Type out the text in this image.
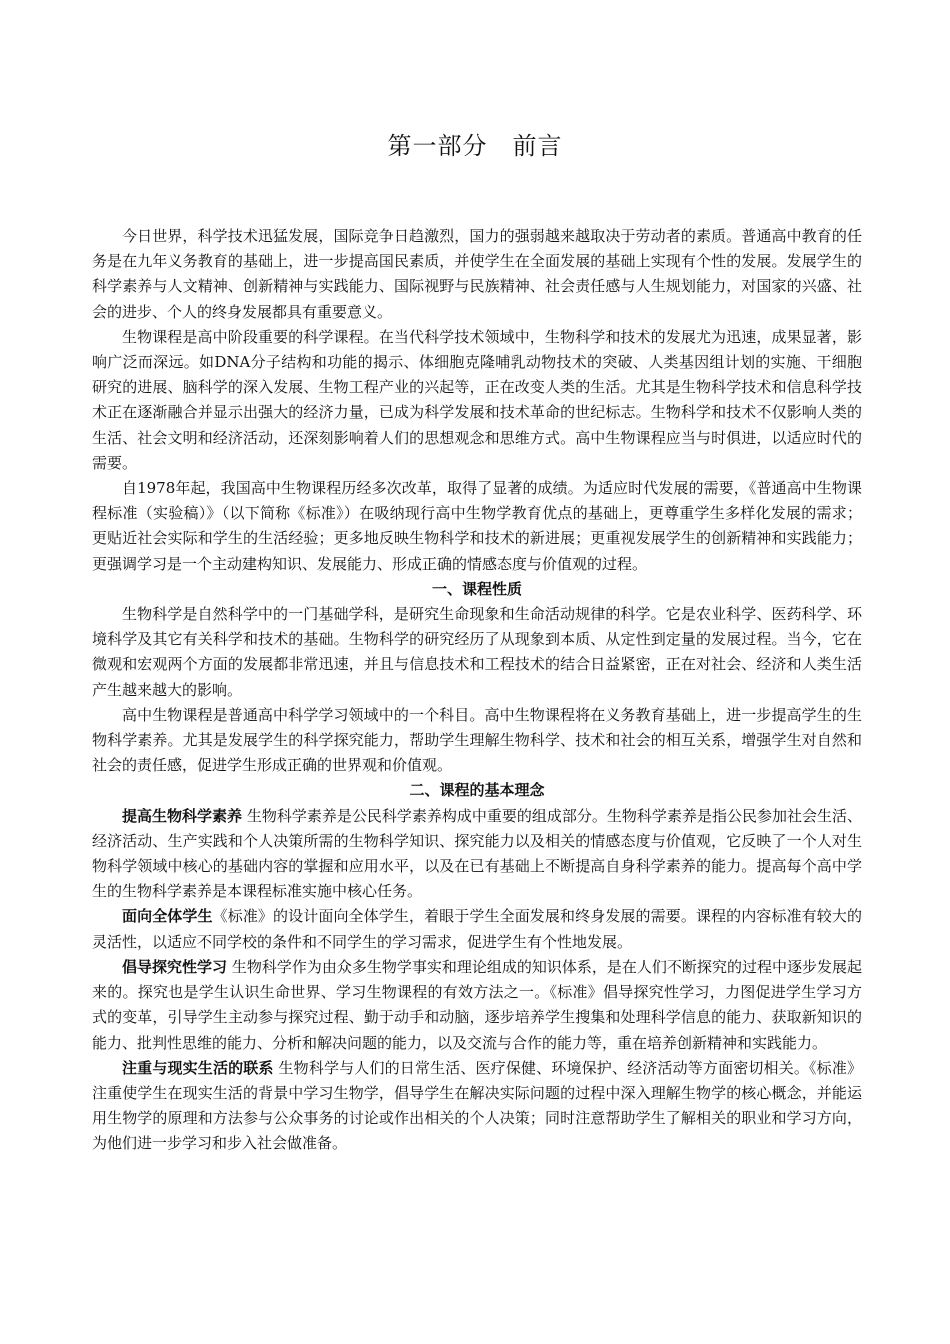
第一部分　前言

今日世界，科学技术迅猛发展，国际竞争日趋激烈，国力的强弱越来越取决于劳动者的素质。普通高中教育的任务是在九年义务教育的基础上，进一步提高国民素质，并使学生在全面发展的基础上实现有个性的发展。发展学生的科学素养与人文精神、创新精神与实践能力、国际视野与民族精神、社会责任感与人生规划能力，对国家的兴盛、社会的进步、个人的终身发展都具有重要意义。

生物课程是高中阶段重要的科学课程。在当代科学技术领域中，生物科学和技术的发展尤为迅速，成果显著，影响广泛而深远。如DNA分子结构和功能的揭示、体细胞克隆哺乳动物技术的突破、人类基因组计划的实施、干细胞研究的进展、脑科学的深入发展、生物工程产业的兴起等，正在改变人类的生活。尤其是生物科学技术和信息科学技术正在逐渐融合并显示出强大的经济力量，已成为科学发展和技术革命的世纪标志。生物科学和技术不仅影响人类的生活、社会文明和经济活动，还深刻影响着人们的思想观念和思维方式。高中生物课程应当与时俱进，以适应时代的需要。

自1978年起，我国高中生物课程历经多次改革，取得了显著的成绩。为适应时代发展的需要，《普通高中生物课程标准（实验稿）》（以下简称《标准》）在吸纳现行高中生物学教育优点的基础上，更尊重学生多样化发展的需求；更贴近社会实际和学生的生活经验；更多地反映生物科学和技术的新进展；更重视发展学生的创新精神和实践能力；更强调学习是一个主动建构知识、发展能力、形成正确的情感态度与价值观的过程。

一、课程性质

生物科学是自然科学中的一门基础学科，是研究生命现象和生命活动规律的科学。它是农业科学、医药科学、环境科学及其它有关科学和技术的基础。生物科学的研究经历了从现象到本质、从定性到定量的发展过程。当今，它在微观和宏观两个方面的发展都非常迅速，并且与信息技术和工程技术的结合日益紧密，正在对社会、经济和人类生活产生越来越大的影响。

高中生物课程是普通高中科学学习领域中的一个科目。高中生物课程将在义务教育基础上，进一步提高学生的生物科学素养。尤其是发展学生的科学探究能力，帮助学生理解生物科学、技术和社会的相互关系，增强学生对自然和社会的责任感，促进学生形成正确的世界观和价值观。

二、课程的基本理念

提高生物科学素养 生物科学素养是公民科学素养构成中重要的组成部分。生物科学素养是指公民参加社会生活、经济活动、生产实践和个人决策所需的生物科学知识、探究能力以及相关的情感态度与价值观，它反映了一个人对生物科学领域中核心的基础内容的掌握和应用水平，以及在已有基础上不断提高自身科学素养的能力。提高每个高中学生的生物科学素养是本课程标准实施中核心任务。

面向全体学生《标准》的设计面向全体学生，着眼于学生全面发展和终身发展的需要。课程的内容标准有较大的灵活性，以适应不同学校的条件和不同学生的学习需求，促进学生有个性地发展。

倡导探究性学习 生物科学作为由众多生物学事实和理论组成的知识体系，是在人们不断探究的过程中逐步发展起来的。探究也是学生认识生命世界、学习生物课程的有效方法之一。《标准》倡导探究性学习，力图促进学生学习方式的变革，引导学生主动参与探究过程、勤于动手和动脑，逐步培养学生搜集和处理科学信息的能力、获取新知识的能力、批判性思维的能力、分析和解决问题的能力，以及交流与合作的能力等，重在培养创新精神和实践能力。

注重与现实生活的联系 生物科学与人们的日常生活、医疗保健、环境保护、经济活动等方面密切相关。《标准》注重使学生在现实生活的背景中学习生物学，倡导学生在解决实际问题的过程中深入理解生物学的核心概念，并能运用生物学的原理和方法参与公众事务的讨论或作出相关的个人决策；同时注意帮助学生了解相关的职业和学习方向，为他们进一步学习和步入社会做准备。
